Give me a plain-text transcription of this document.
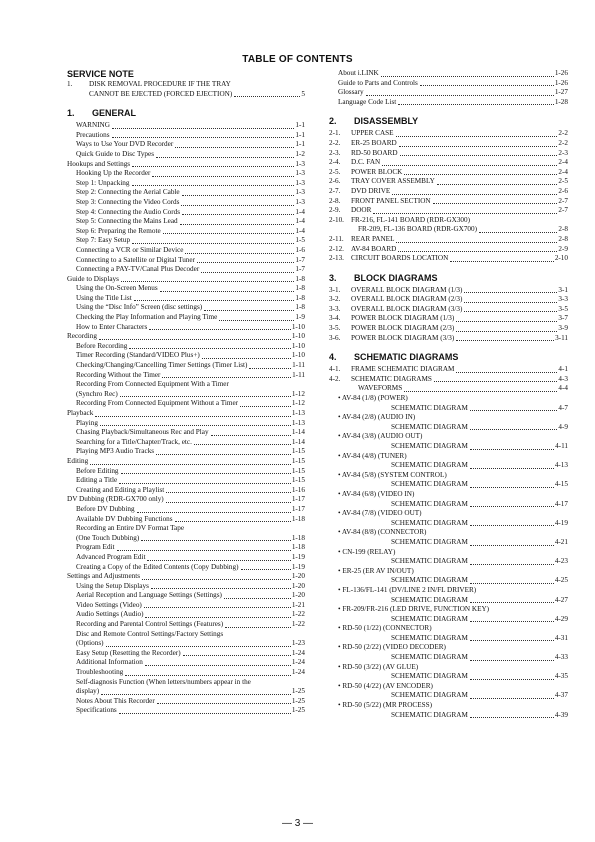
TABLE OF CONTENTS
SERVICE NOTE
1.	DISK REMOVAL PROCEDURE IF THE TRAY
CANNOT BE EJECTED (FORCED EJECTION)	5
1. GENERAL
WARNING	1-1
Precautions	1-1
Ways to Use Your DVD Recorder	1-1
Quick Guide to Disc Types	1-2
Hookups and Settings	1-3
Hooking Up the Recorder	1-3
Step 1: Unpacking	1-3
Step 2: Connecting the Aerial Cable	1-3
Step 3: Connecting the Video Cords	1-3
Step 4: Connecting the Audio Cords	1-4
Step 5: Connecting the Mains Lead	1-4
Step 6: Preparing the Remote	1-4
Step 7: Easy Setup	1-5
Connecting a VCR or Similar Device	1-6
Connecting to a Satellite or Digital Tuner	1-7
Connecting a PAY-TV/Canal Plus Decoder	1-7
Guide to Displays	1-8
Using the On-Screen Menus	1-8
Using the Title List	1-8
Using the “Disc Info” Screen (disc settings)	1-8
Checking the Play Information and Playing Time	1-9
How to Enter Characters	1-10
Recording	1-10
Before Recording	1-10
Timer Recording (Standard/VIDEO Plus+)	1-10
Checking/Changing/Cancelling Timer Settings (Timer List)	1-11
Recording Without the Timer	1-11
Recording From Connected Equipment With a Timer
(Synchro Rec)	1-12
Recording From Connected Equipment Without a Timer	1-12
Playback	1-13
Playing	1-13
Chasing Playback/Simultaneous Rec and Play	1-14
Searching for a Title/Chapter/Track, etc.	1-14
Playing MP3 Audio Tracks	1-15
Editing	1-15
Before Editing	1-15
Editing a Title	1-15
Creating and Editing a Playlist	1-16
DV Dubbing (RDR-GX700 only)	1-17
Before DV Dubbing	1-17
Available DV Dubbing Functions	1-18
Recording an Entire DV Format Tape
(One Touch Dubbing)	1-18
Program Edit	1-18
Advanced Program Edit	1-19
Creating a Copy of the Edited Contents (Copy Dubbing)	1-19
Settings and Adjustments	1-20
Using the Setup Displays	1-20
Aerial Reception and Language Settings (Settings)	1-20
Video Settings (Video)	1-21
Audio Settings (Audio)	1-22
Recording and Parental Control Settings (Features)	1-22
Disc and Remote Control Settings/Factory Settings
(Options)	1-23
Easy Setup (Resetting the Recorder)	1-24
Additional Information	1-24
Troubleshooting	1-24
Self-diagnosis Function (When letters/numbers appear in the
display)	1-25
Notes About This Recorder	1-25
Specifications	1-25
About i.LINK	1-26
Guide to Parts and Controls	1-26
Glossary	1-27
Language Code List	1-28
2. DISASSEMBLY
2-1.	UPPER CASE	2-2
2-2.	ER-25 BOARD	2-2
2-3.	RD-50 BOARD	2-3
2-4.	D.C. FAN	2-4
2-5.	POWER BLOCK	2-4
2-6.	TRAY COVER ASSEMBLY	2-5
2-7.	DVD DRIVE	2-6
2-8.	FRONT PANEL SECTION	2-7
2-9.	DOOR	2-7
2-10. FR-216, FL-141 BOARD (RDR-GX300)
FR-209, FL-136 BOARD (RDR-GX700)	2-8
2-11.	REAR PANEL	2-8
2-12. AV-84 BOARD	2-9
2-13. CIRCUIT BOARDS LOCATION	2-10
3. BLOCK DIAGRAMS
3-1.	OVERALL BLOCK DIAGRAM (1/3)	3-1
3-2.	OVERALL BLOCK DIAGRAM (2/3)	3-3
3-3.	OVERALL BLOCK DIAGRAM (3/3)	3-5
3-4.	POWER BLOCK DIAGRAM (1/3)	3-7
3-5.	POWER BLOCK DIAGRAM (2/3)	3-9
3-6.	POWER BLOCK DIAGRAM (3/3)	3-11
4. SCHEMATIC DIAGRAMS
4-1.	FRAME SCHEMATIC DIAGRAM	4-1
4-2.	SCHEMATIC DIAGRAMS	4-3
WAVEFORMS	4-4
• AV-84 (1/8) (POWER)
SCHEMATIC DIAGRAM	4-7
• AV-84 (2/8) (AUDIO IN)
SCHEMATIC DIAGRAM	4-9
• AV-84 (3/8) (AUDIO OUT)
SCHEMATIC DIAGRAM	4-11
• AV-84 (4/8) (TUNER)
SCHEMATIC DIAGRAM	4-13
• AV-84 (5/8) (SYSTEM CONTROL)
SCHEMATIC DIAGRAM	4-15
• AV-84 (6/8) (VIDEO IN)
SCHEMATIC DIAGRAM	4-17
• AV-84 (7/8) (VIDEO OUT)
SCHEMATIC DIAGRAM	4-19
• AV-84 (8/8) (CONNECTOR)
SCHEMATIC DIAGRAM	4-21
• CN-199 (RELAY)
SCHEMATIC DIAGRAM	4-23
• ER-25 (ER AV IN/OUT)
SCHEMATIC DIAGRAM	4-25
• FL-136/FL-141 (DV/LINE 2 IN/FL DRIVER)
SCHEMATIC DIAGRAM	4-27
• FR-209/FR-216 (LED DRIVE, FUNCTION KEY)
SCHEMATIC DIAGRAM	4-29
• RD-50 (1/22) (CONNECTOR)
SCHEMATIC DIAGRAM	4-31
• RD-50 (2/22) (VIDEO DECODER)
SCHEMATIC DIAGRAM	4-33
• RD-50 (3/22) (AV GLUE)
SCHEMATIC DIAGRAM	4-35
• RD-50 (4/22) (AV ENCODER)
SCHEMATIC DIAGRAM	4-37
• RD-50 (5/22) (MR PROCESS)
SCHEMATIC DIAGRAM	4-39
— 3 —
